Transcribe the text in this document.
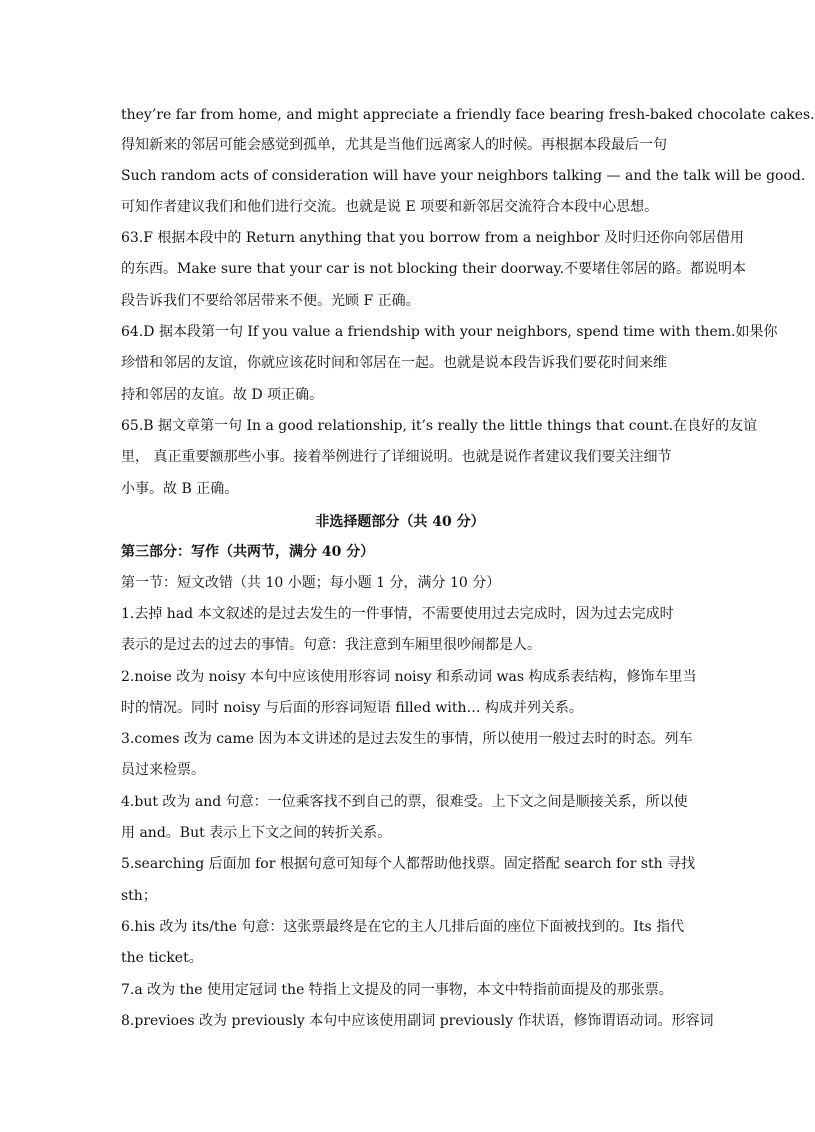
they’re far from home, and might appreciate a friendly face bearing fresh-baked chocolate cakes.
得知新来的邻居可能会感觉到孤单，尤其是当他们远离家人的时候。再根据本段最后一句
Such random acts of consideration will have your neighbors talking — and the talk will be good.
可知作者建议我们和他们进行交流。也就是说 E 项要和新邻居交流符合本段中心思想。
63.F 根据本段中的 Return anything that you borrow from a neighbor 及时归还你向邻居借用
的东西。Make sure that your car is not blocking their doorway.不要堵住邻居的路。都说明本
段告诉我们不要给邻居带来不便。光顾 F 正确。
64.D 据本段第一句 If you value a friendship with your neighbors, spend time with them.如果你
珍惜和邻居的友谊，你就应该花时间和邻居在一起。也就是说本段告诉我们要花时间来维
持和邻居的友谊。故 D 项正确。
65.B 据文章第一句 In a good relationship, it’s really the little things that count.在良好的友谊
里， 真正重要额那些小事。接着举例进行了详细说明。也就是说作者建议我们要关注细节
小事。故 B 正确。
非选择题部分（共 40 分）
第三部分：写作（共两节，满分 40 分）
第一节：短文改错（共 10 小题；每小题 1 分，满分 10 分）
1.去掉 had 本文叙述的是过去发生的一件事情，不需要使用过去完成时，因为过去完成时
表示的是过去的过去的事情。句意：我注意到车厢里很吵闹都是人。
2.noise 改为 noisy 本句中应该使用形容词 noisy 和系动词 was 构成系表结构，修饰车里当
时的情况。同时 noisy 与后面的形容词短语 filled with… 构成并列关系。
3.comes 改为 came 因为本文讲述的是过去发生的事情，所以使用一般过去时的时态。列车
员过来检票。
4.but 改为 and 句意：一位乘客找不到自己的票，很难受。上下文之间是顺接关系，所以使
用 and。But 表示上下文之间的转折关系。
5.searching 后面加 for 根据句意可知每个人都帮助他找票。固定搭配 search for sth 寻找
sth；
6.his 改为 its/the 句意：这张票最终是在它的主人几排后面的座位下面被找到的。Its 指代
the ticket。
7.a 改为 the 使用定冠词 the 特指上文提及的同一事物，本文中特指前面提及的那张票。
8.previoes 改为 previously 本句中应该使用副词 previously 作状语，修饰谓语动词。形容词
